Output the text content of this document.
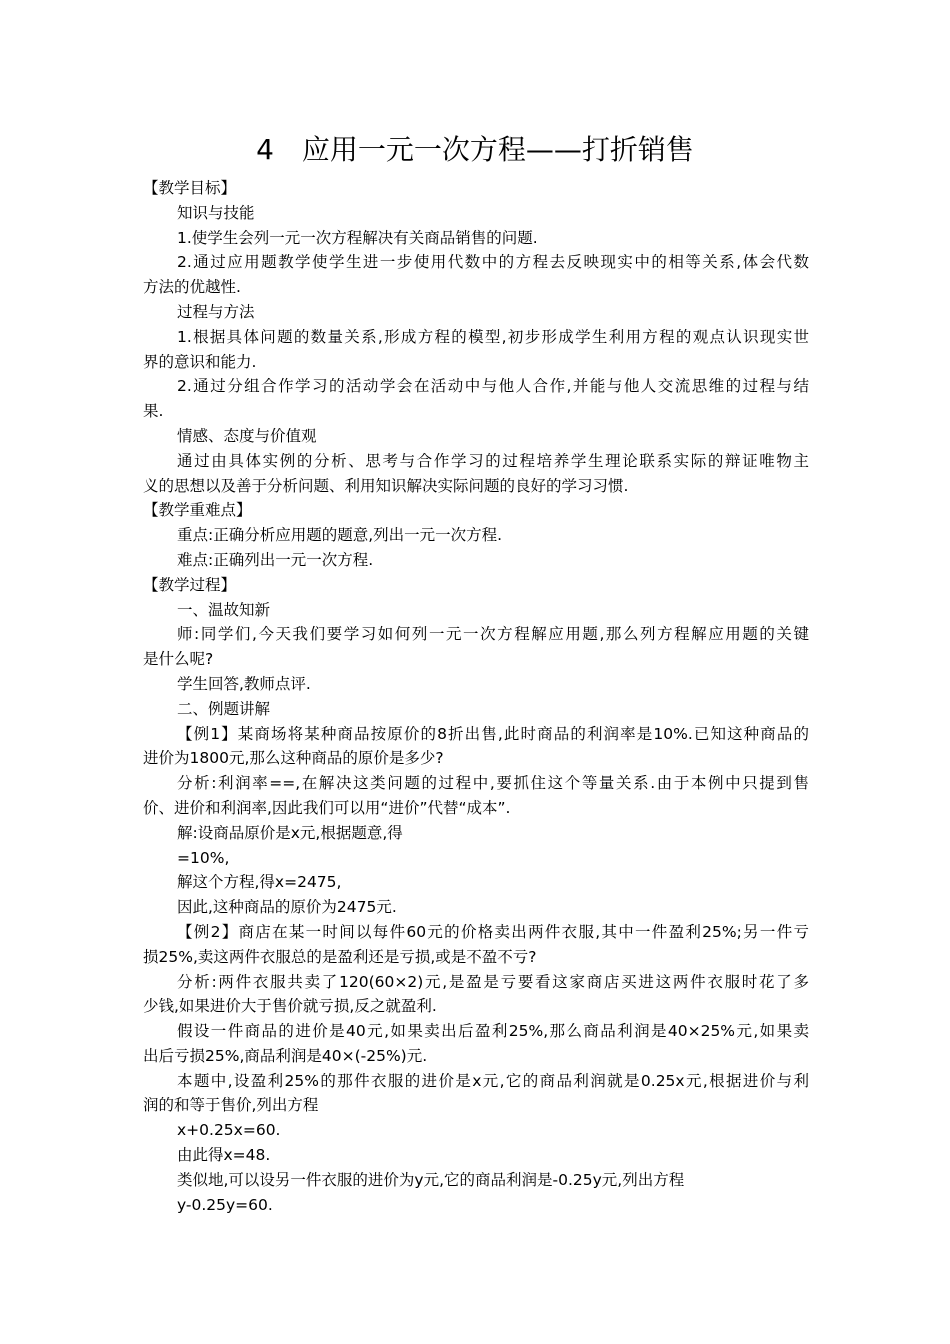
4　应用一元一次方程——打折销售
【教学目标】
知识与技能
1.使学生会列一元一次方程解决有关商品销售的问题.
2.通过应用题教学使学生进一步使用代数中的方程去反映现实中的相等关系,体会代数
方法的优越性.
过程与方法
1.根据具体问题的数量关系,形成方程的模型,初步形成学生利用方程的观点认识现实世
界的意识和能力.
2.通过分组合作学习的活动学会在活动中与他人合作,并能与他人交流思维的过程与结
果.
情感、态度与价值观
通过由具体实例的分析、思考与合作学习的过程培养学生理论联系实际的辩证唯物主
义的思想以及善于分析问题、利用知识解决实际问题的良好的学习习惯.
【教学重难点】
重点:正确分析应用题的题意,列出一元一次方程.
难点:正确列出一元一次方程.
【教学过程】
一、温故知新
师:同学们,今天我们要学习如何列一元一次方程解应用题,那么列方程解应用题的关键
是什么呢?
学生回答,教师点评.
二、例题讲解
【例1】某商场将某种商品按原价的8折出售,此时商品的利润率是10%.已知这种商品的
进价为1800元,那么这种商品的原价是多少?
分析:利润率==,在解决这类问题的过程中,要抓住这个等量关系.由于本例中只提到售
价、进价和利润率,因此我们可以用“进价”代替“成本”.
解:设商品原价是x元,根据题意,得
=10%,
解这个方程,得x=2475,
因此,这种商品的原价为2475元.
【例2】商店在某一时间以每件60元的价格卖出两件衣服,其中一件盈利25%;另一件亏
损25%,卖这两件衣服总的是盈利还是亏损,或是不盈不亏?
分析:两件衣服共卖了120(60×2)元,是盈是亏要看这家商店买进这两件衣服时花了多
少钱,如果进价大于售价就亏损,反之就盈利.
假设一件商品的进价是40元,如果卖出后盈利25%,那么商品利润是40×25%元,如果卖
出后亏损25%,商品利润是40×(-25%)元.
本题中,设盈利25%的那件衣服的进价是x元,它的商品利润就是0.25x元,根据进价与利
润的和等于售价,列出方程
x+0.25x=60.
由此得x=48.
类似地,可以设另一件衣服的进价为y元,它的商品利润是-0.25y元,列出方程
y-0.25y=60.
